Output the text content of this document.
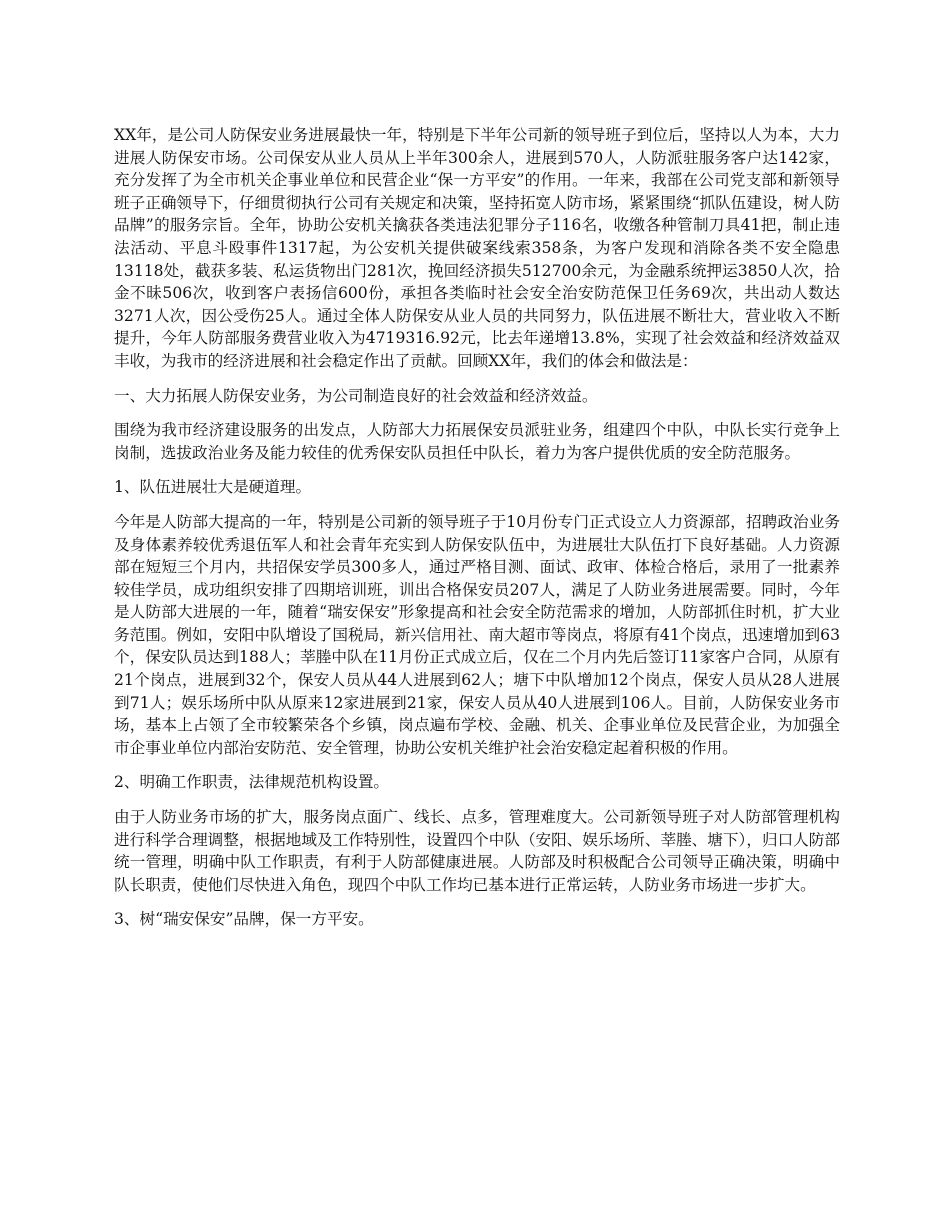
XX年，是公司人防保安业务进展最快一年，特别是下半年公司新的领导班子到位后，坚持以人为本，大力进展人防保安市场。公司保安从业人员从上半年300余人，进展到570人，人防派驻服务客户达142家，充分发挥了为全市机关企事业单位和民营企业“保一方平安”的作用。一年来，我部在公司党支部和新领导班子正确领导下，仔细贯彻执行公司有关规定和决策，坚持拓宽人防市场，紧紧围绕“抓队伍建设，树人防品牌”的服务宗旨。全年，协助公安机关擒获各类违法犯罪分子116名，收缴各种管制刀具41把，制止违法活动、平息斗殴事件1317起，为公安机关提供破案线索358条，为客户发现和消除各类不安全隐患13118处，截获多装、私运货物出门281次，挽回经济损失512700余元，为金融系统押运3850人次，拾金不昧506次，收到客户表扬信600份，承担各类临时社会安全治安防范保卫任务69次，共出动人数达3271人次，因公受伤25人。通过全体人防保安从业人员的共同努力，队伍进展不断壮大，营业收入不断提升，今年人防部服务费营业收入为4719316.92元，比去年递增13.8%，实现了社会效益和经济效益双丰收，为我市的经济进展和社会稳定作出了贡献。回顾XX年，我们的体会和做法是：

一、大力拓展人防保安业务，为公司制造良好的社会效益和经济效益。

围绕为我市经济建设服务的出发点，人防部大力拓展保安员派驻业务，组建四个中队，中队长实行竞争上岗制，选拔政治业务及能力较佳的优秀保安队员担任中队长，着力为客户提供优质的安全防范服务。

1、队伍进展壮大是硬道理。

今年是人防部大提高的一年，特别是公司新的领导班子于10月份专门正式设立人力资源部，招聘政治业务及身体素养较优秀退伍军人和社会青年充实到人防保安队伍中，为进展壮大队伍打下良好基础。人力资源部在短短三个月内，共招保安学员300多人，通过严格目测、面试、政审、体检合格后，录用了一批素养较佳学员，成功组织安排了四期培训班，训出合格保安员207人，满足了人防业务进展需要。同时，今年是人防部大进展的一年，随着“瑞安保安”形象提高和社会安全防范需求的增加，人防部抓住时机，扩大业务范围。例如，安阳中队增设了国税局，新兴信用社、南大超市等岗点，将原有41个岗点，迅速增加到63个，保安队员达到188人；莘塍中队在11月份正式成立后，仅在二个月内先后签订11家客户合同，从原有21个岗点，进展到32个，保安人员从44人进展到62人；塘下中队增加12个岗点，保安人员从28人进展到71人；娱乐场所中队从原来12家进展到21家，保安人员从40人进展到106人。目前，人防保安业务市场，基本上占领了全市较繁荣各个乡镇，岗点遍布学校、金融、机关、企事业单位及民营企业，为加强全市企事业单位内部治安防范、安全管理，协助公安机关维护社会治安稳定起着积极的作用。

2、明确工作职责，法律规范机构设置。

由于人防业务市场的扩大，服务岗点面广、线长、点多，管理难度大。公司新领导班子对人防部管理机构进行科学合理调整，根据地域及工作特别性，设置四个中队（安阳、娱乐场所、莘塍、塘下），归口人防部统一管理，明确中队工作职责，有利于人防部健康进展。人防部及时积极配合公司领导正确决策，明确中队长职责，使他们尽快进入角色，现四个中队工作均已基本进行正常运转，人防业务市场进一步扩大。

3、树“瑞安保安”品牌，保一方平安。
